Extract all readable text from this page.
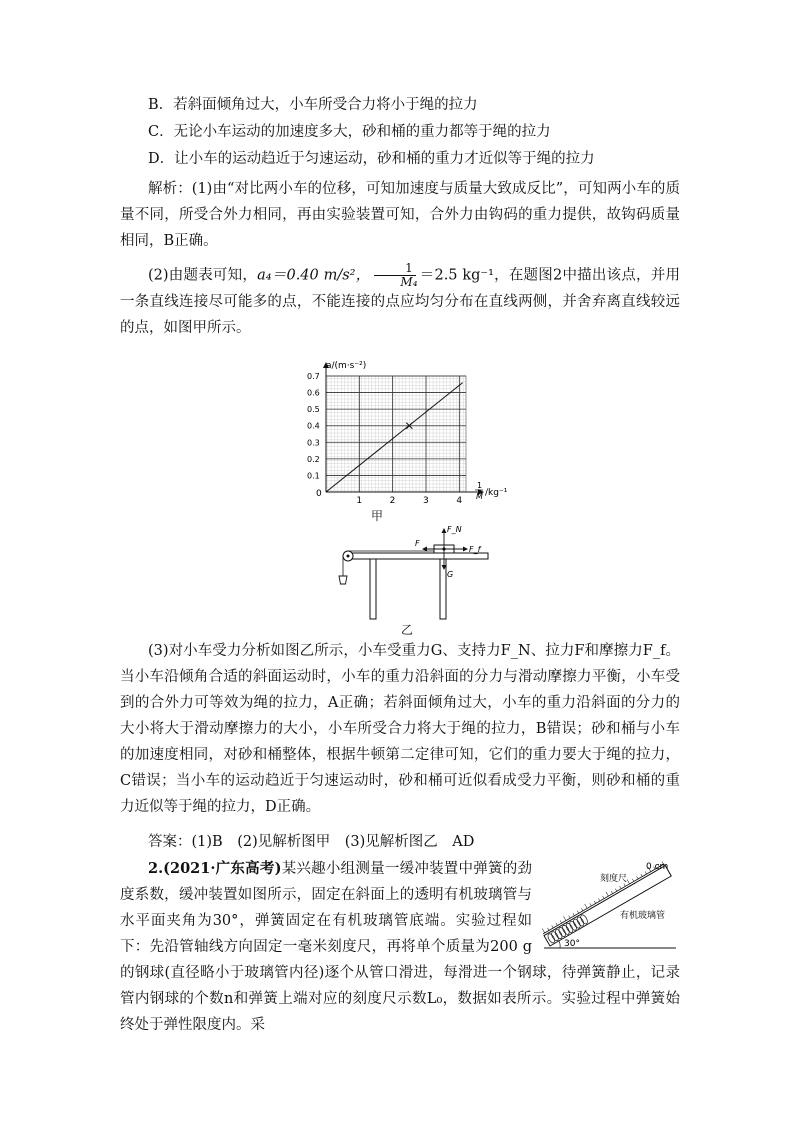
B．若斜面倾角过大，小车所受合力将小于绳的拉力
C．无论小车运动的加速度多大，砂和桶的重力都等于绳的拉力
D．让小车的运动趋近于匀速运动，砂和桶的重力才近似等于绳的拉力

解析：(1)由“对比两小车的位移，可知加速度与质量大致成反比”，可知两小车的质量不同，所受合外力相同，再由实验装置可知，合外力由钩码的重力提供，故钩码质量相同，B正确。

(2)由题表可知，a₄＝0.40 m/s²， $\frac{1}{\text{M₄}} =2.5$ kg⁻¹，在题图2中描出该点，并用一条直线连接尽可能多的点，不能连接的点应均匀分布在直线两侧，并舍弃离直线较远的点，如图甲所示。

1	2	3	4
0.1
0.2
0.3
0.4
0.5
0.6
0.7
a/(m·s⁻²)
0
1
M /kg⁻¹
甲
F_N
F
F_f
G
乙

(3)对小车受力分析如图乙所示，小车受重力G、支持力F_N、拉力F和摩擦力F_f。当小车沿倾角合适的斜面运动时，小车的重力沿斜面的分力与滑动摩擦力平衡，小车受到的合外力可等效为绳的拉力，A正确；若斜面倾角过大，小车的重力沿斜面的分力的大小将大于滑动摩擦力的大小，小车所受合力将大于绳的拉力，B错误；砂和桶与小车的加速度相同，对砂和桶整体，根据牛顿第二定律可知，它们的重力要大于绳的拉力，C错误；当小车的运动趋近于匀速运动时，砂和桶可近似看成受力平衡，则砂和桶的重力近似等于绳的拉力，D正确。

答案：(1)B　(2)见解析图甲　(3)见解析图乙　AD

2.(2021·广东高考)某兴趣小组测量一缓冲装置中弹簧的劲度系数，缓冲装置如图所示，固定在斜面上的透明有机玻璃管与水平面夹角为30°，弹簧固定在有机玻璃管底端。实验过程如下：先沿管轴线方向固定一毫米刻度尺，再将单个质量为200 g的钢球(直径略小于玻璃管内径)逐个从管口滑进，每滑进一个钢球，待弹簧静止，记录管内钢球的个数n和弹簧上端对应的刻度尺示数L₀，数据如表所示。实验过程中弹簧始终处于弹性限度内。采

30°
刻度尺
0 cm
有机玻璃管
